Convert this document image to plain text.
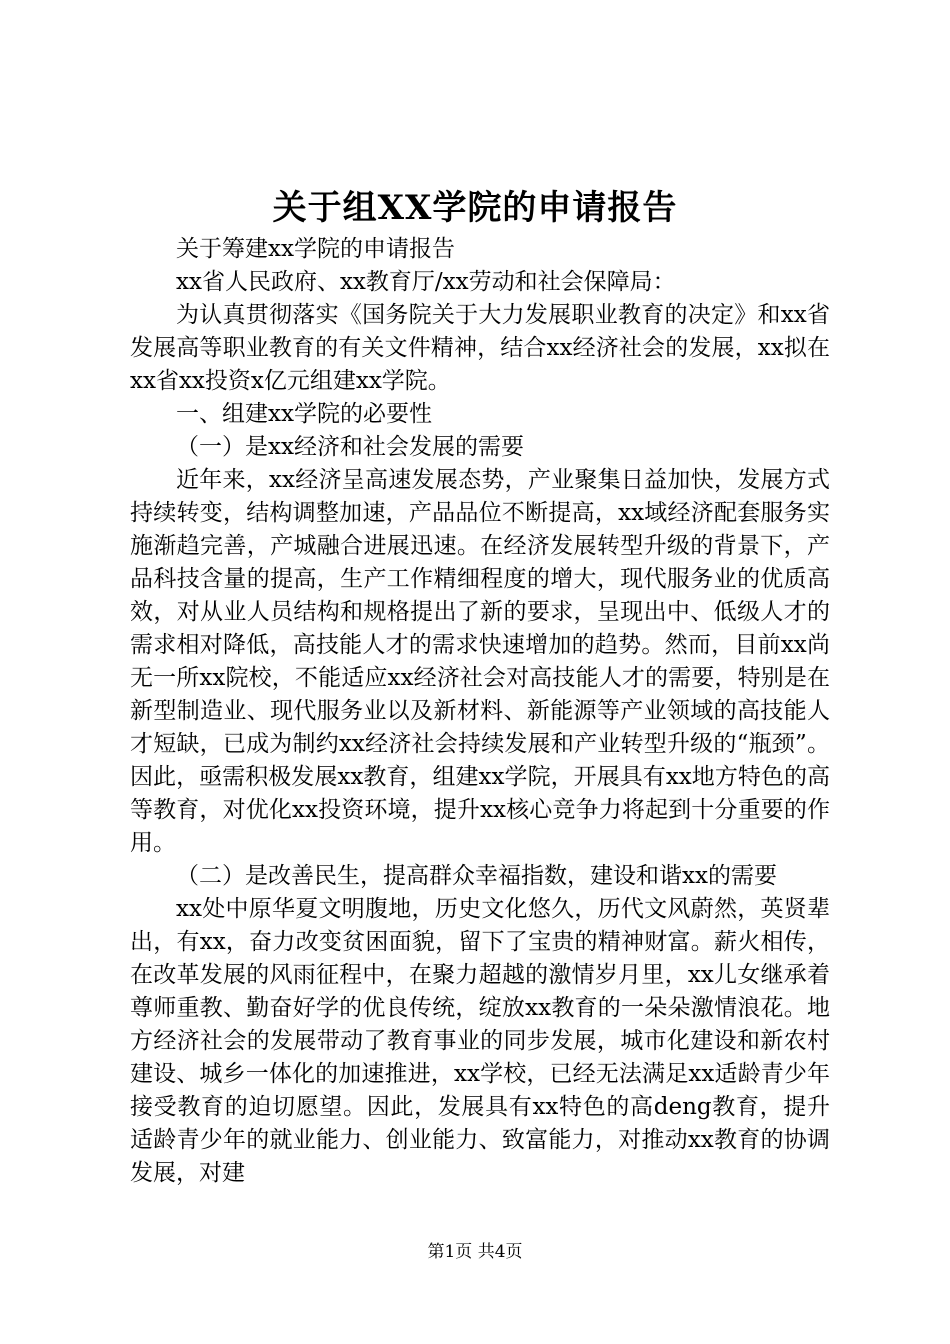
关于组XX学院的申请报告

关于筹建xx学院的申请报告

xx省人民政府、xx教育厅/xx劳动和社会保障局：

为认真贯彻落实《国务院关于大力发展职业教育的决定》和xx省发展高等职业教育的有关文件精神，结合xx经济社会的发展，xx拟在xx省xx投资x亿元组建xx学院。

一、组建xx学院的必要性

（一）是xx经济和社会发展的需要

近年来，xx经济呈高速发展态势，产业聚集日益加快，发展方式持续转变，结构调整加速，产品品位不断提高，xx域经济配套服务实施渐趋完善，产城融合进展迅速。在经济发展转型升级的背景下，产品科技含量的提高，生产工作精细程度的增大，现代服务业的优质高效，对从业人员结构和规格提出了新的要求，呈现出中、低级人才的需求相对降低，高技能人才的需求快速增加的趋势。然而，目前xx尚无一所xx院校，不能适应xx经济社会对高技能人才的需要，特别是在新型制造业、现代服务业以及新材料、新能源等产业领域的高技能人才短缺，已成为制约xx经济社会持续发展和产业转型升级的“瓶颈”。因此，亟需积极发展xx教育，组建xx学院，开展具有xx地方特色的高等教育，对优化xx投资环境，提升xx核心竞争力将起到十分重要的作用。

（二）是改善民生，提高群众幸福指数，建设和谐xx的需要

xx处中原华夏文明腹地，历史文化悠久，历代文风蔚然，英贤辈出，有xx，奋力改变贫困面貌，留下了宝贵的精神财富。薪火相传，在改革发展的风雨征程中，在聚力超越的激情岁月里，xx儿女继承着尊师重教、勤奋好学的优良传统，绽放xx教育的一朵朵激情浪花。地方经济社会的发展带动了教育事业的同步发展，城市化建设和新农村建设、城乡一体化的加速推进，xx学校，已经无法满足xx适龄青少年接受教育的迫切愿望。因此，发展具有xx特色的高deng教育，提升适龄青少年的就业能力、创业能力、致富能力，对推动xx教育的协调发展，对建

第1页 共4页
